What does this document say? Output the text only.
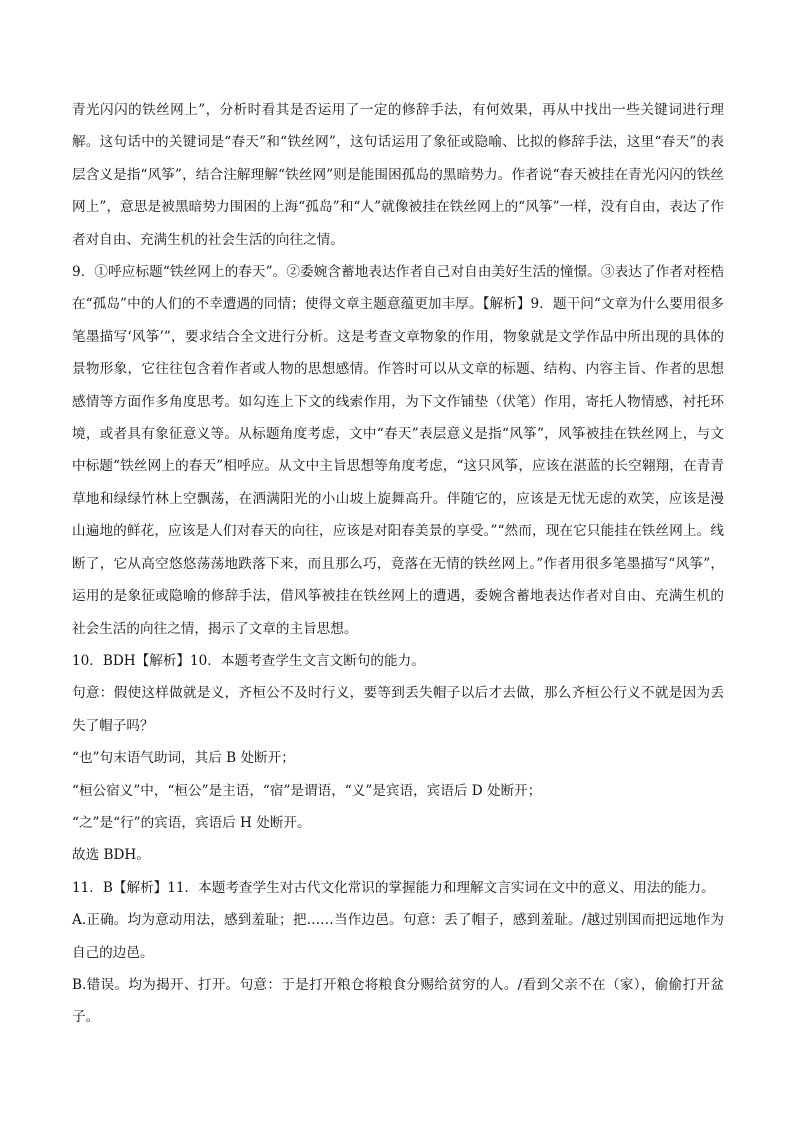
青光闪闪的铁丝网上”，分析时看其是否运用了一定的修辞手法，有何效果，再从中找出一些关键词进行理解。这句话中的关键词是“春天”和“铁丝网”，这句话运用了象征或隐喻、比拟的修辞手法，这里“春天”的表层含义是指“风筝”，结合注解理解“铁丝网”则是能围困孤岛的黑暗势力。作者说“春天被挂在青光闪闪的铁丝网上”，意思是被黑暗势力围困的上海“孤岛”和“人”就像被挂在铁丝网上的“风筝”一样，没有自由，表达了作者对自由、充满生机的社会生活的向往之情。

9．①呼应标题“铁丝网上的春天”。②委婉含蓄地表达作者自己对自由美好生活的憧憬。③表达了作者对桎梏在“孤岛”中的人们的不幸遭遇的同情；使得文章主题意蕴更加丰厚。【解析】9．题干问“文章为什么要用很多笔墨描写‘风筝’”，要求结合全文进行分析。这是考查文章物象的作用，物象就是文学作品中所出现的具体的景物形象，它往往包含着作者或人物的思想感情。作答时可以从文章的标题、结构、内容主旨、作者的思想感情等方面作多角度思考。如勾连上下文的线索作用，为下文作铺垫（伏笔）作用，寄托人物情感，衬托环境，或者具有象征意义等。从标题角度考虑，文中“春天”表层意义是指“风筝”，风筝被挂在铁丝网上，与文中标题“铁丝网上的春天”相呼应。从文中主旨思想等角度考虑，“这只风筝，应该在湛蓝的长空翱翔，在青青草地和绿绿竹林上空飘荡，在洒满阳光的小山坡上旋舞高升。伴随它的，应该是无忧无虑的欢笑，应该是漫山遍地的鲜花，应该是人们对春天的向往，应该是对阳春美景的享受。”“然而，现在它只能挂在铁丝网上。线断了，它从高空悠悠荡荡地跌落下来，而且那么巧，竟落在无情的铁丝网上。”作者用很多笔墨描写“风筝”，运用的是象征或隐喻的修辞手法，借风筝被挂在铁丝网上的遭遇，委婉含蓄地表达作者对自由、充满生机的社会生活的向往之情，揭示了文章的主旨思想。

10．BDH【解析】10．本题考查学生文言文断句的能力。

句意：假使这样做就是义，齐桓公不及时行义，要等到丢失帽子以后才去做，那么齐桓公行义不就是因为丢失了帽子吗？

“也”句末语气助词，其后 B 处断开；

“桓公宿义”中，“桓公”是主语，“宿”是谓语，“义”是宾语，宾语后 D 处断开；

“之”是“行”的宾语，宾语后 H 处断开。

故选 BDH。

11．B【解析】11．本题考查学生对古代文化常识的掌握能力和理解文言实词在文中的意义、用法的能力。

A.正确。均为意动用法，感到羞耻；把……当作边邑。句意：丢了帽子，感到羞耻。/越过别国而把远地作为自己的边邑。

B.错误。均为揭开、打开。句意：于是打开粮仓将粮食分赐给贫穷的人。/看到父亲不在（家），偷偷打开盆子。
